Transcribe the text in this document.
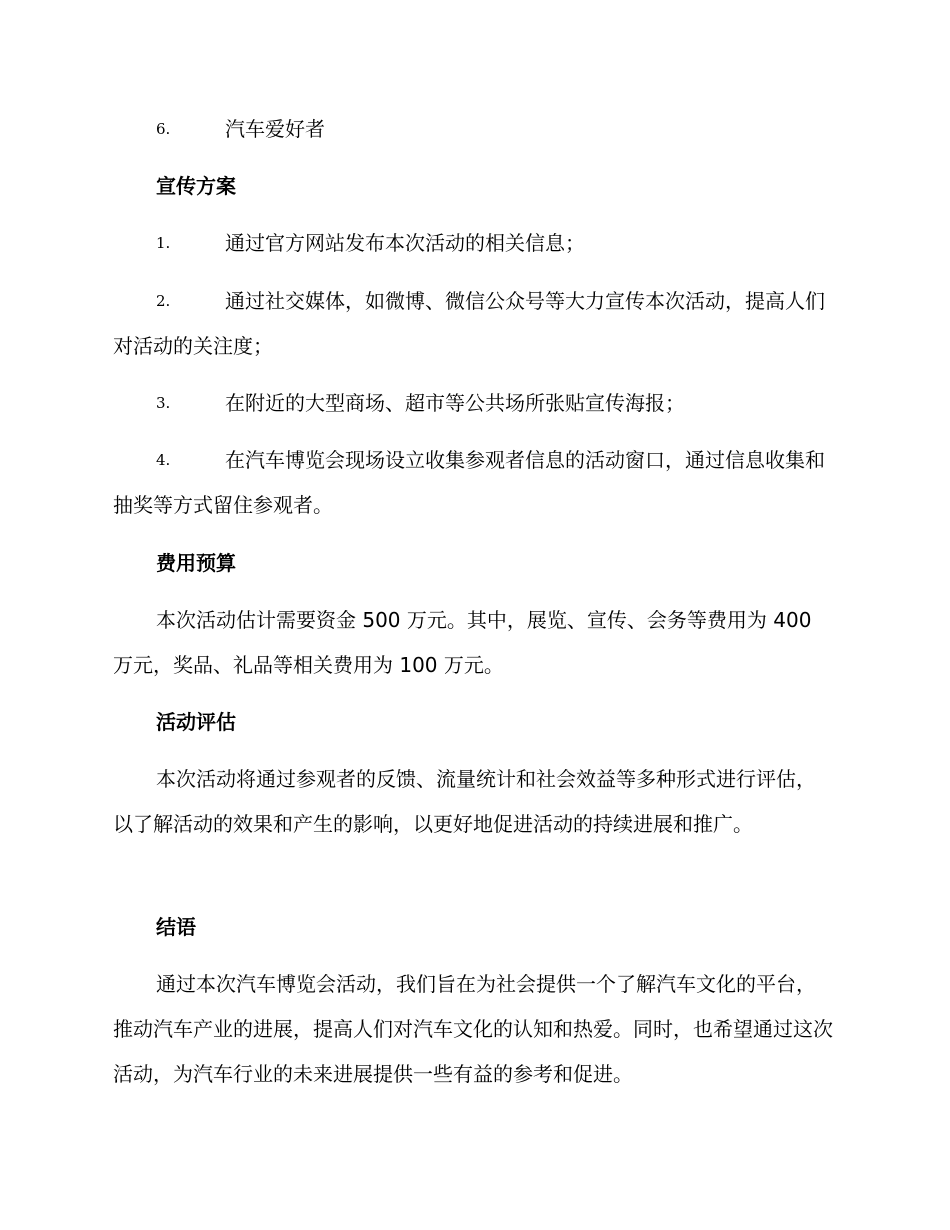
6.	汽车爱好者
宣传方案
1.	通过官方网站发布本次活动的相关信息；
2.	通过社交媒体，如微博、微信公众号等大力宣传本次活动，提高人们对活动的关注度；
3.	在附近的大型商场、超市等公共场所张贴宣传海报；
4.	在汽车博览会现场设立收集参观者信息的活动窗口，通过信息收集和抽奖等方式留住参观者。
费用预算
本次活动估计需要资金 500 万元。其中，展览、宣传、会务等费用为 400 万元，奖品、礼品等相关费用为 100 万元。
活动评估
本次活动将通过参观者的反馈、流量统计和社会效益等多种形式进行评估，以了解活动的效果和产生的影响，以更好地促进活动的持续进展和推广。
结语
通过本次汽车博览会活动，我们旨在为社会提供一个了解汽车文化的平台，推动汽车产业的进展，提高人们对汽车文化的认知和热爱。同时，也希望通过这次活动，为汽车行业的未来进展提供一些有益的参考和促进。
